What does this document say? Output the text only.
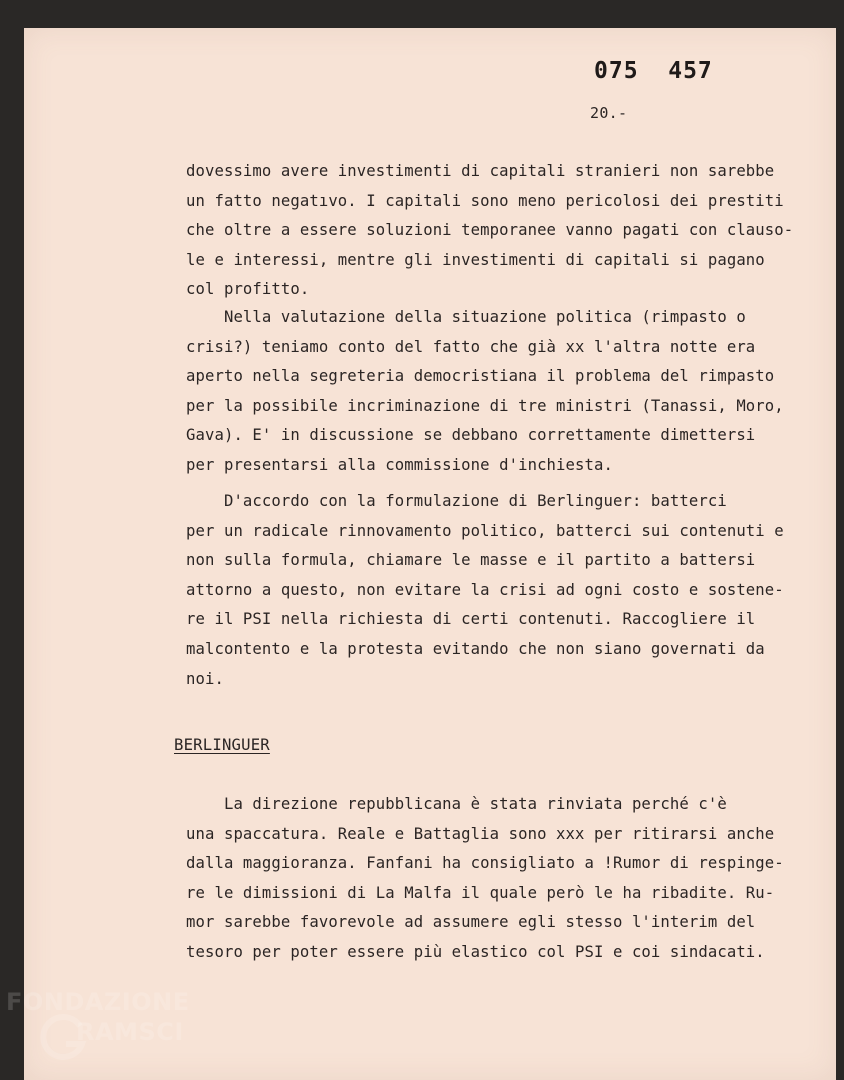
075  457
20.-
dovessimo avere investimenti di capitali stranieri non sarebbe
un fatto negatıvo. I capitali sono meno pericolosi dei prestiti
che oltre a essere soluzioni temporanee vanno pagati con clauso-
le e interessi, mentre gli investimenti di capitali si pagano
col profitto.
Nella valutazione della situazione politica (rimpasto o
crisi?) teniamo conto del fatto che già xx l'altra notte era
aperto nella segreteria democristiana il problema del rimpasto
per la possibile incriminazione di tre ministri (Tanassi, Moro,
Gava). E' in discussione se debbano correttamente dimettersi
per presentarsi alla commissione d'inchiesta.
D'accordo con la formulazione di Berlinguer: batterci
per un radicale rinnovamento politico, batterci sui contenuti e
non sulla formula, chiamare le masse e il partito a battersi
attorno a questo, non evitare la crisi ad ogni costo e sostene-
re il PSI nella richiesta di certi contenuti. Raccogliere il
malcontento e la protesta evitando che non siano governati da
noi.
BERLINGUER
La direzione repubblicana è stata rinviata perché c'è
una spaccatura. Reale e Battaglia sono xxx per ritirarsi anche
dalla maggioranza. Fanfani ha consigliato a !Rumor di respinge-
re le dimissioni di La Malfa il quale però le ha ribadite. Ru-
mor sarebbe favorevole ad assumere egli stesso l'interim del
tesoro per poter essere più elastico col PSI e coi sindacati.
